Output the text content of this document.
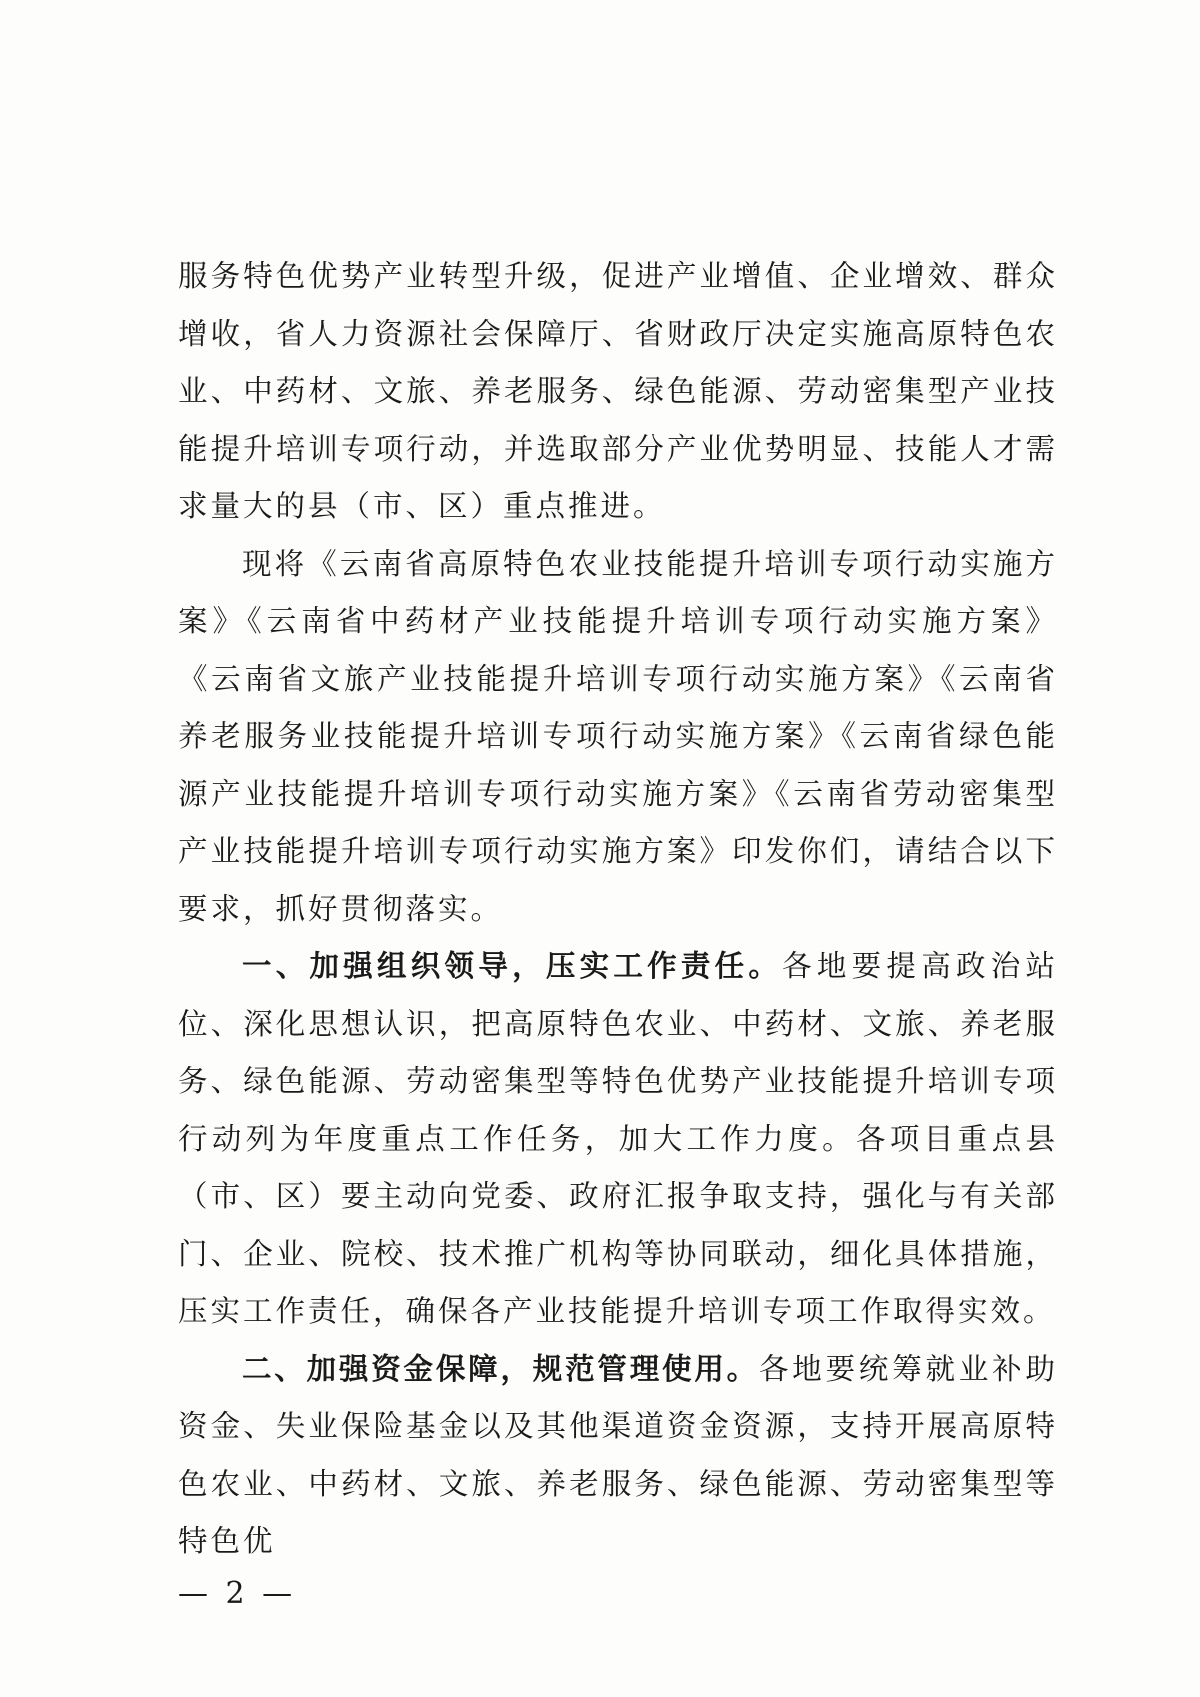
服务特色优势产业转型升级，促进产业增值、企业增效、群众增收，省人力资源社会保障厅、省财政厅决定实施高原特色农业、中药材、文旅、养老服务、绿色能源、劳动密集型产业技能提升培训专项行动，并选取部分产业优势明显、技能人才需求量大的县（市、区）重点推进。

现将《云南省高原特色农业技能提升培训专项行动实施方案》《云南省中药材产业技能提升培训专项行动实施方案》《云南省文旅产业技能提升培训专项行动实施方案》《云南省养老服务业技能提升培训专项行动实施方案》《云南省绿色能源产业技能提升培训专项行动实施方案》《云南省劳动密集型产业技能提升培训专项行动实施方案》印发你们，请结合以下要求，抓好贯彻落实。

一、加强组织领导，压实工作责任。各地要提高政治站位、深化思想认识，把高原特色农业、中药材、文旅、养老服务、绿色能源、劳动密集型等特色优势产业技能提升培训专项行动列为年度重点工作任务，加大工作力度。各项目重点县（市、区）要主动向党委、政府汇报争取支持，强化与有关部门、企业、院校、技术推广机构等协同联动，细化具体措施，压实工作责任，确保各产业技能提升培训专项工作取得实效。

二、加强资金保障，规范管理使用。各地要统筹就业补助资金、失业保险基金以及其他渠道资金资源，支持开展高原特色农业、中药材、文旅、养老服务、绿色能源、劳动密集型等特色优

— 2 —
